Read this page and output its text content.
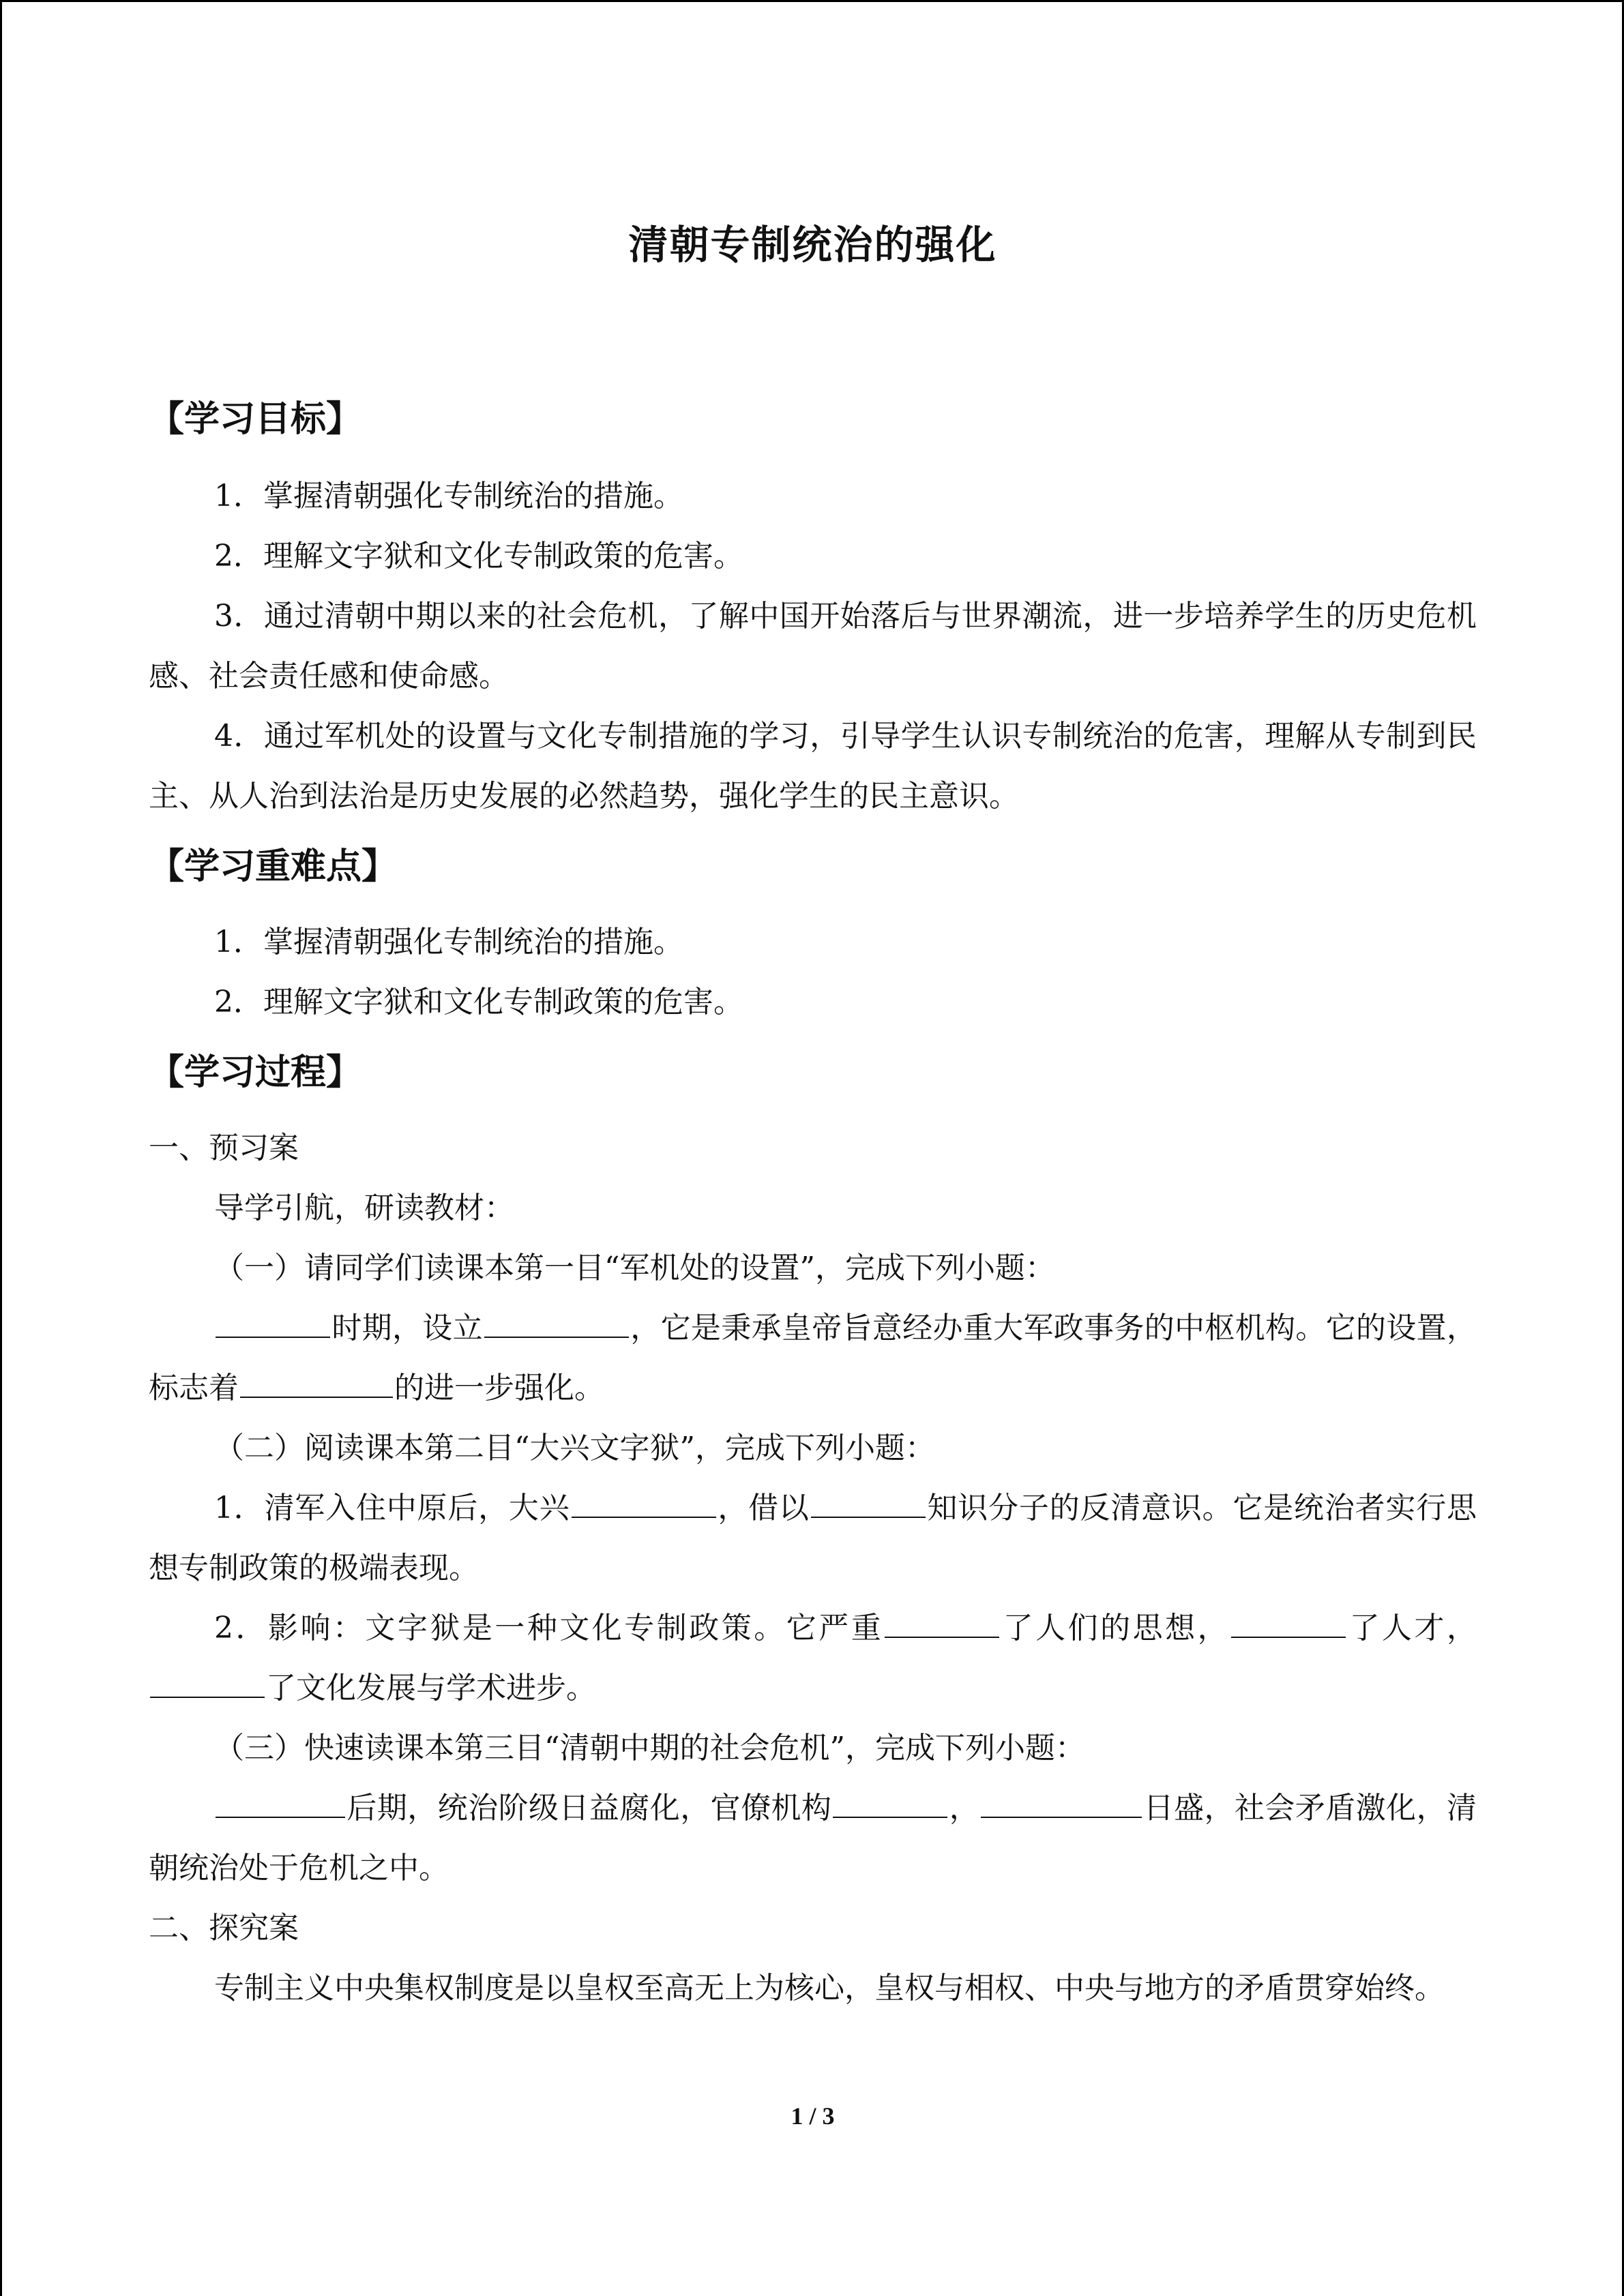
清朝专制统治的强化
【学习目标】
1．掌握清朝强化专制统治的措施。
2．理解文字狱和文化专制政策的危害。
3．通过清朝中期以来的社会危机，了解中国开始落后与世界潮流，进一步培养学生的历史危机感、社会责任感和使命感。
4．通过军机处的设置与文化专制措施的学习，引导学生认识专制统治的危害，理解从专制到民主、从人治到法治是历史发展的必然趋势，强化学生的民主意识。
【学习重难点】
1．掌握清朝强化专制统治的措施。
2．理解文字狱和文化专制政策的危害。
【学习过程】
一、预习案
导学引航，研读教材：
（一）请同学们读课本第一目“军机处的设置”，完成下列小题：
时期，设立	，它是秉承皇帝旨意经办重大军政事务的中枢机构。它的设置，标志着	的进一步强化。
（二）阅读课本第二目“大兴文字狱”，完成下列小题：
1．清军入住中原后，大兴	，借以	知识分子的反清意识。它是统治者实行思想专制政策的极端表现。
2．影响：文字狱是一种文化专制政策。它严重	了人们的思想，	了人才，了文化发展与学术进步。
（三）快速读课本第三目“清朝中期的社会危机”，完成下列小题：
后期，统治阶级日益腐化，官僚机构	，	日盛，社会矛盾激化，清朝统治处于危机之中。
二、探究案
专制主义中央集权制度是以皇权至高无上为核心，皇权与相权、中央与地方的矛盾贯穿始终。
1 / 3
